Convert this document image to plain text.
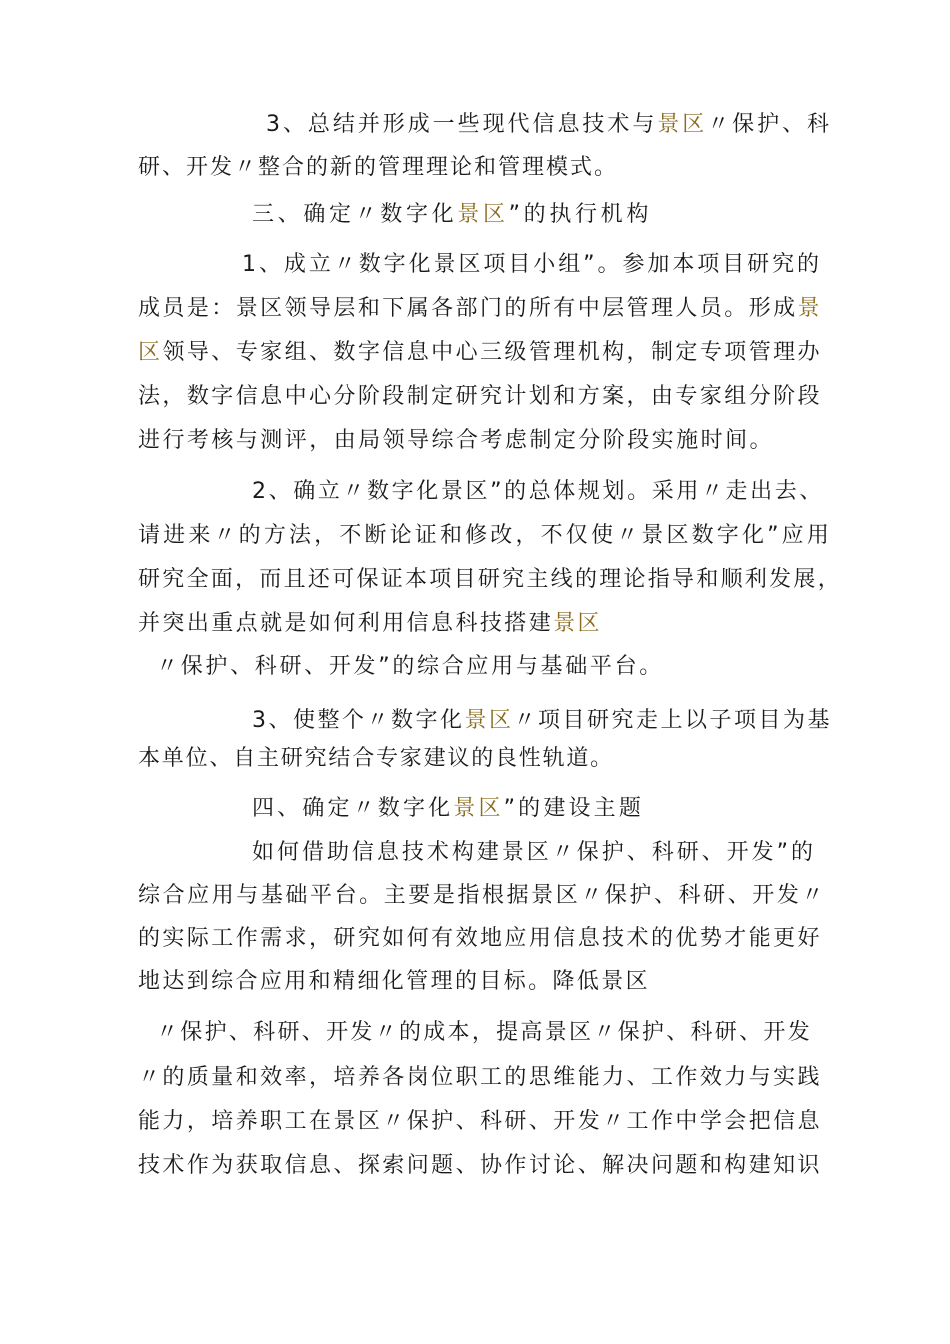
3、总结并形成一些现代信息技术与景区〃保护、科
研、开发〃整合的新的管理理论和管理模式。
三、确定〃数字化景区”的执行机构
1、成立〃数字化景区项目小组”。参加本项目研究的
成员是：景区领导层和下属各部门的所有中层管理人员。形成景
区领导、专家组、数字信息中心三级管理机构，制定专项管理办
法，数字信息中心分阶段制定研究计划和方案，由专家组分阶段
进行考核与测评，由局领导综合考虑制定分阶段实施时间。
2、确立〃数字化景区”的总体规划。采用〃走出去、
请进来〃的方法，不断论证和修改，不仅使〃景区数字化”应用
研究全面，而且还可保证本项目研究主线的理论指导和顺利发展，
并突出重点就是如何利用信息科技搭建景区
〃保护、科研、开发”的综合应用与基础平台。
3、使整个〃数字化景区〃项目研究走上以子项目为基
本单位、自主研究结合专家建议的良性轨道。
四、确定〃数字化景区”的建设主题
如何借助信息技术构建景区〃保护、科研、开发”的
综合应用与基础平台。主要是指根据景区〃保护、科研、开发〃
的实际工作需求，研究如何有效地应用信息技术的优势才能更好
地达到综合应用和精细化管理的目标。降低景区
〃保护、科研、开发〃的成本，提高景区〃保护、科研、开发
〃的质量和效率，培养各岗位职工的思维能力、工作效力与实践
能力，培养职工在景区〃保护、科研、开发〃工作中学会把信息
技术作为获取信息、探索问题、协作讨论、解决问题和构建知识
